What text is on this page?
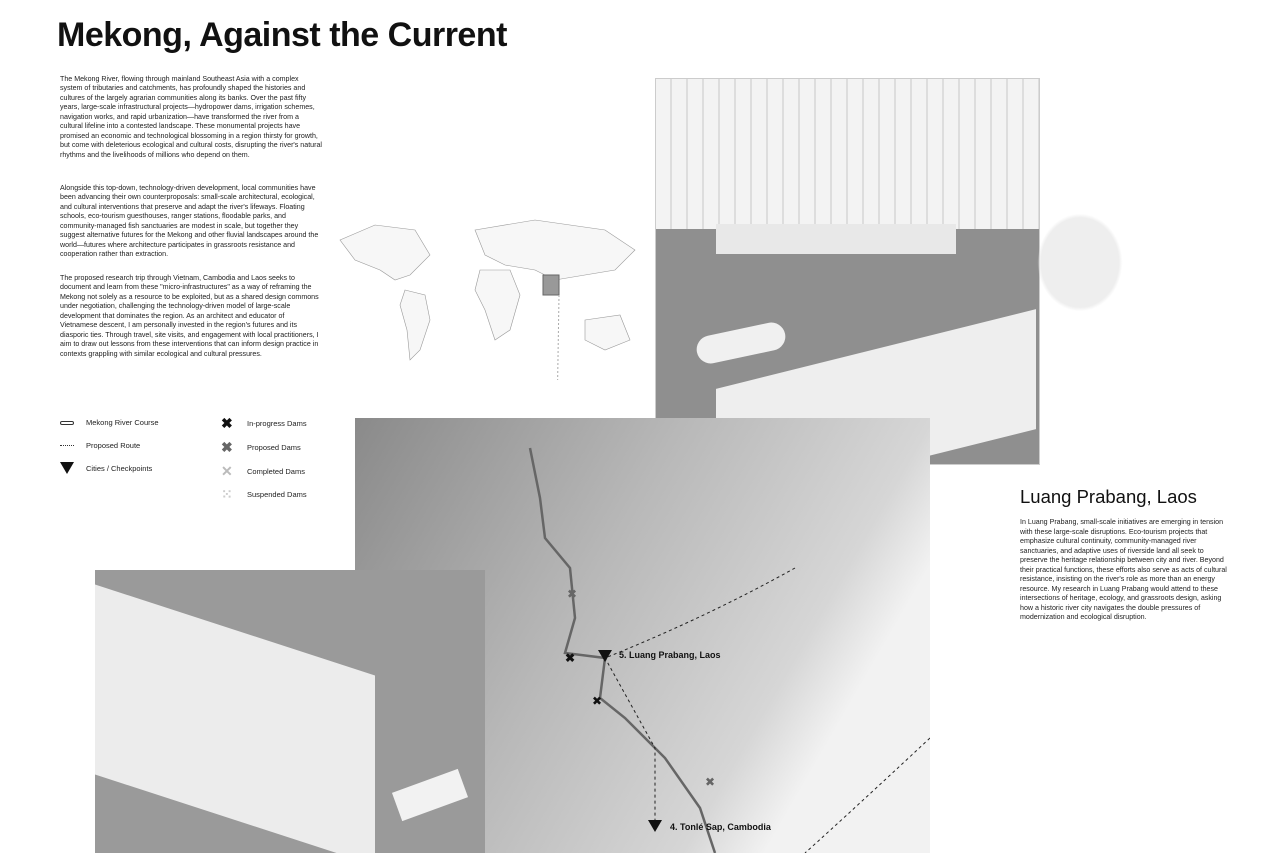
Mekong, Against the Current

The Mekong River, flowing through mainland Southeast Asia with a complex system of tributaries and catchments, has profoundly shaped the histories and cultures of the largely agrarian communities along its banks. Over the past fifty years, large-scale infrastructural projects—hydropower dams, irrigation schemes, navigation works, and rapid urbanization—have transformed the river from a cultural lifeline into a contested landscape. These monumental projects have promised an economic and technological blossoming in a region thirsty for growth, but come with deleterious ecological and cultural costs, disrupting the river's natural rhythms and the livelihoods of millions who depend on them.

Alongside this top-down, technology-driven development, local communities have been advancing their own counterproposals: small-scale architectural, ecological, and cultural interventions that preserve and adapt the river's lifeways. Floating schools, eco-tourism guesthouses, ranger stations, floodable parks, and community-managed fish sanctuaries are modest in scale, but together they suggest alternative futures for the Mekong and other fluvial landscapes around the world—futures where architecture participates in grassroots resistance and cooperation rather than extraction.

The proposed research trip through Vietnam, Cambodia and Laos seeks to document and learn from these "micro-infrastructures" as a way of reframing the Mekong not solely as a resource to be exploited, but as a shared design commons under negotiation, challenging the technology-driven model of large-scale development that dominates the region. As an architect and educator of Vietnamese descent, I am personally invested in the region's futures and its diasporic ties. Through travel, site visits, and engagement with local practitioners, I aim to draw out lessons from these interventions that can inform design practice in contexts grappling with similar ecological and cultural pressures.

Mekong River Course
Proposed Route
Cities / Checkpoints
✖	In-progress Dams
✖	Proposed Dams
✕	Completed Dams
⁙	Suspended Dams
✖
✖
✖
✖
5. Luang Prabang, Laos
4. Tonlé Sap, Cambodia
Luang Prabang, Laos

In Luang Prabang, small-scale initiatives are emerging in tension with these large-scale disruptions. Eco-tourism projects that emphasize cultural continuity, community-managed river sanctuaries, and adaptive uses of riverside land all seek to preserve the heritage relationship between city and river. Beyond their practical functions, these efforts also serve as acts of cultural resistance, insisting on the river's role as more than an energy resource. My research in Luang Prabang would attend to these intersections of heritage, ecology, and grassroots design, asking how a historic river city navigates the double pressures of modernization and ecological disruption.
